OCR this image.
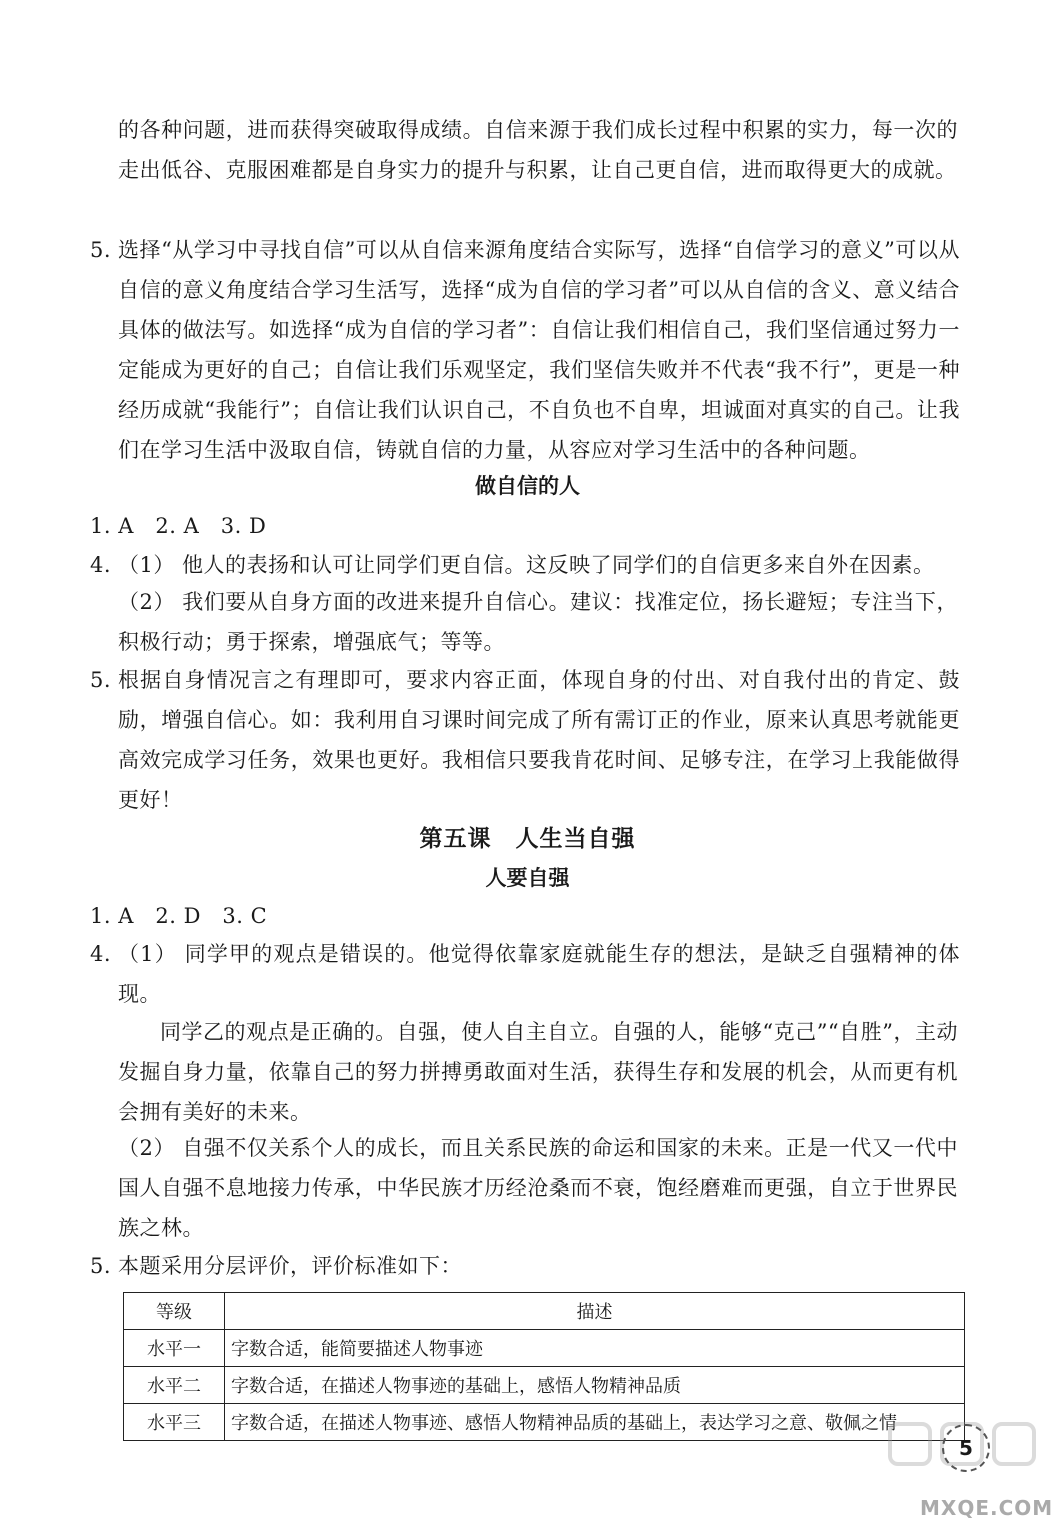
的各种问题，进而获得突破取得成绩。自信来源于我们成长过程中积累的实力，每一次的走出低谷、克服困难都是自身实力的提升与积累，让自己更自信，进而取得更大的成就。

5. 选择“从学习中寻找自信”可以从自信来源角度结合实际写，选择“自信学习的意义”可以从自信的意义角度结合学习生活写，选择“成为自信的学习者”可以从自信的含义、意义结合具体的做法写。如选择“成为自信的学习者”：自信让我们相信自己，我们坚信通过努力一定能成为更好的自己；自信让我们乐观坚定，我们坚信失败并不代表“我不行”，更是一种经历成就“我能行”；自信让我们认识自己，不自负也不自卑，坦诚面对真实的自己。让我们在学习生活中汲取自信，铸就自信的力量，从容应对学习生活中的各种问题。
做自信的人
1. A　2. A　3. D
4. （1） 他人的表扬和认可让同学们更自信。这反映了同学们的自信更多来自外在因素。
（2） 我们要从自身方面的改进来提升自信心。建议：找准定位，扬长避短；专注当下，积极行动；勇于探索，增强底气；等等。
5. 根据自身情况言之有理即可，要求内容正面，体现自身的付出、对自我付出的肯定、鼓励，增强自信心。如：我利用自习课时间完成了所有需订正的作业，原来认真思考就能更高效完成学习任务，效果也更好。我相信只要我肯花时间、足够专注，在学习上我能做得更好！
第五课　人生当自强
人要自强
1. A　2. D　3. C
4. （1） 同学甲的观点是错误的。他觉得依靠家庭就能生存的想法，是缺乏自强精神的体现。
同学乙的观点是正确的。自强，使人自主自立。自强的人，能够“克己”“自胜”，主动发掘自身力量，依靠自己的努力拼搏勇敢面对生活，获得生存和发展的机会，从而更有机会拥有美好的未来。
（2） 自强不仅关系个人的成长，而且关系民族的命运和国家的未来。正是一代又一代中国人自强不息地接力传承，中华民族才历经沧桑而不衰，饱经磨难而更强，自立于世界民族之林。
5. 本题采用分层评价，评价标准如下：
等级	描述
水平一	字数合适，能简要描述人物事迹
水平二	字数合适，在描述人物事迹的基础上，感悟人物精神品质
水平三	字数合适，在描述人物事迹、感悟人物精神品质的基础上，表达学习之意、敬佩之情
5
MXQE.COM
